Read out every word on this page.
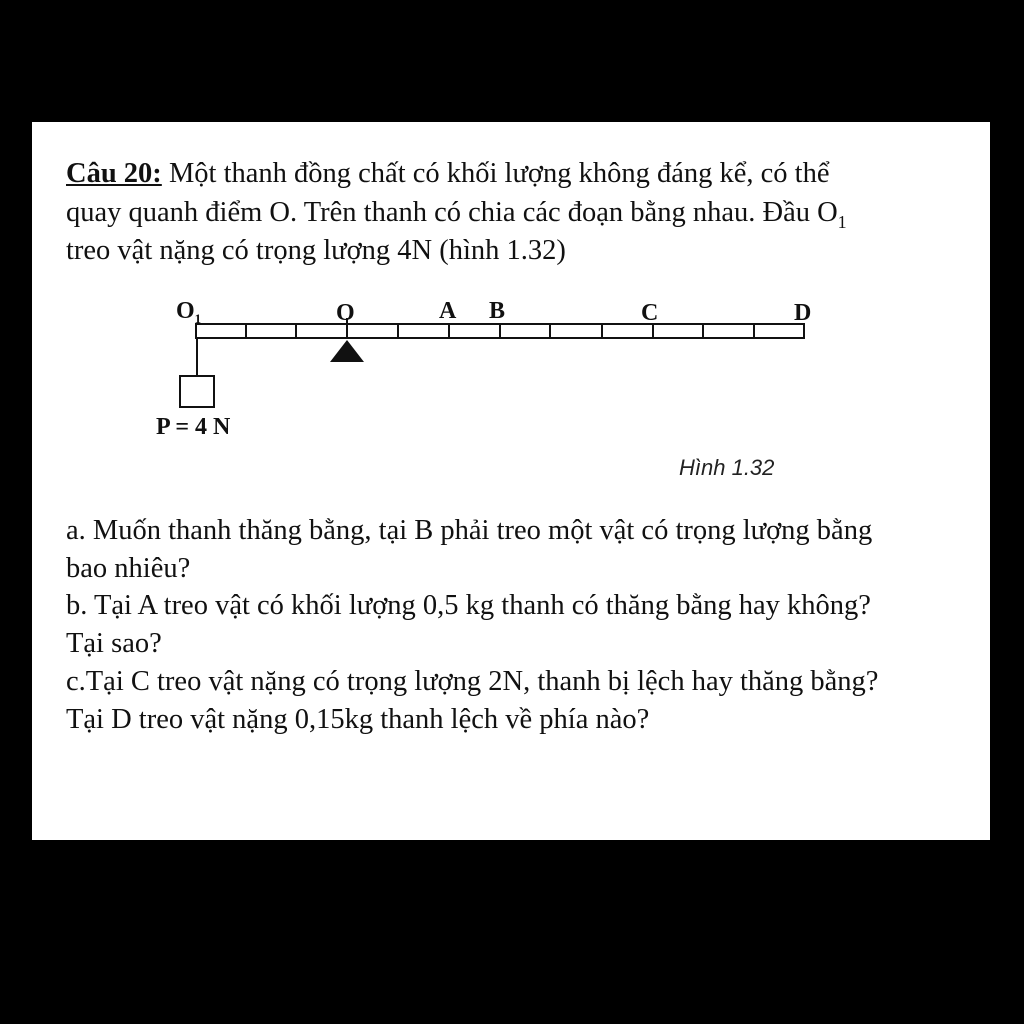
Câu 20: Một thanh đồng chất có khối lượng không đáng kể, có thể
quay quanh điểm O. Trên thanh có chia các đoạn bằng nhau. Đầu $O_1$
treo vật nặng có trọng lượng 4N (hình 1.32)
$O_1$	O	A B	C	D
P = 4 N
Hình 1.32
a. Muốn thanh thăng bằng, tại B phải treo một vật có trọng lượng bằng
bao nhiêu?
b. Tại A treo vật có khối lượng 0,5 kg thanh có thăng bằng hay không?
Tại sao?
c.Tại C treo vật nặng có trọng lượng 2N, thanh bị lệch hay thăng bằng?
Tại D treo vật nặng 0,15kg thanh lệch về phía nào?
